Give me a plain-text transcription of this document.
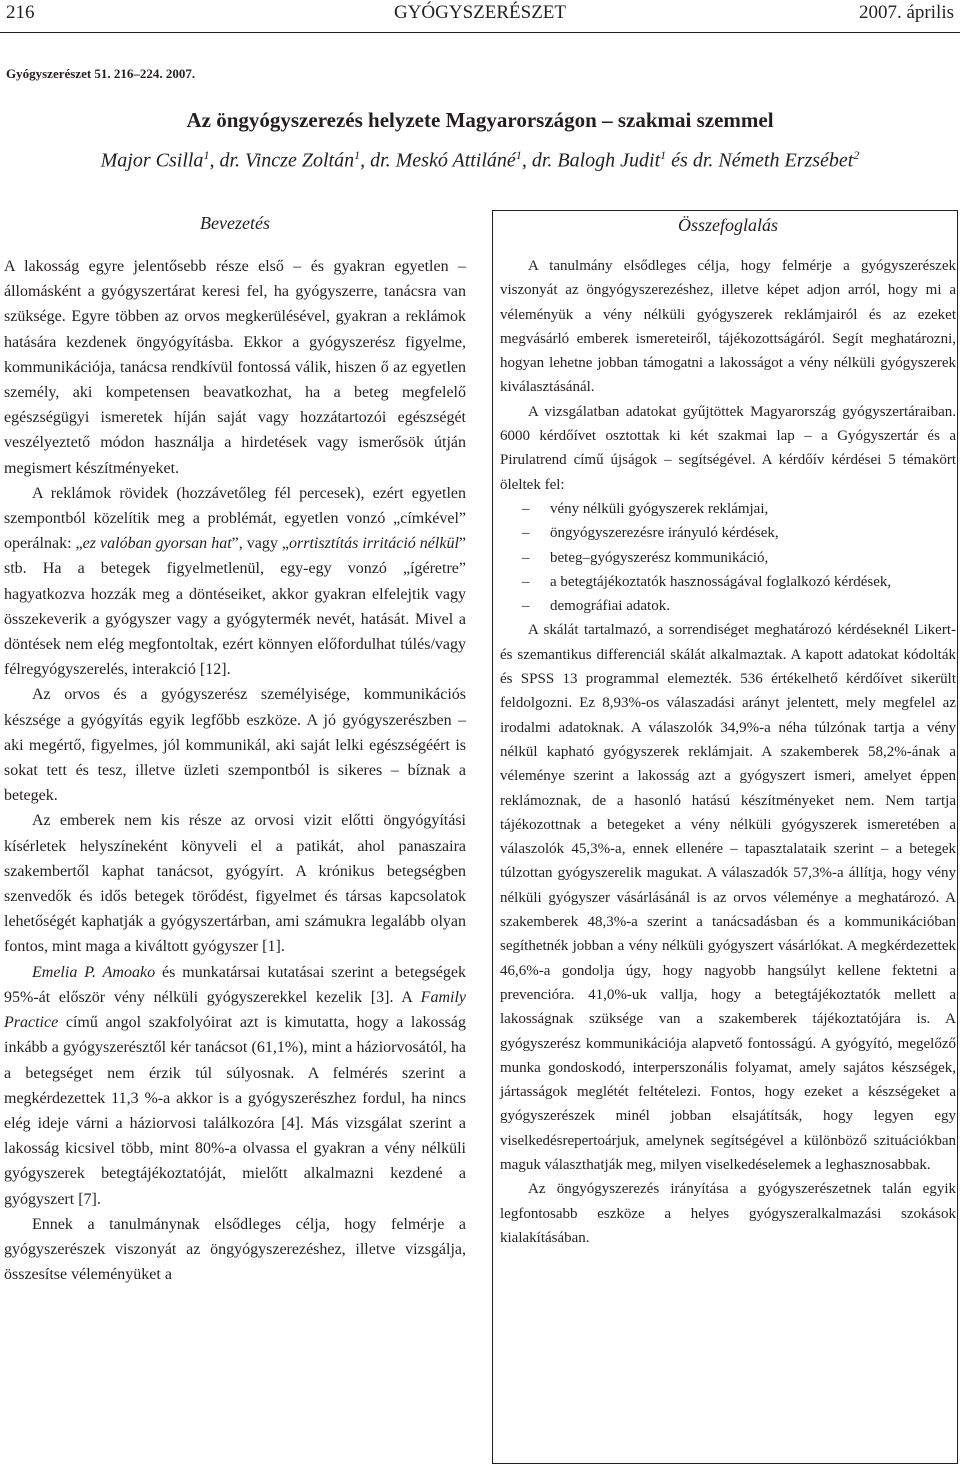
216	GYÓGYSZERÉSZET	2007. április
Gyógyszerészet 51. 216–224. 2007.
Az öngyógyszerezés helyzete Magyarországon – szakmai szemmel
Major Csilla$^1$, dr. Vincze Zoltán$^1$, dr. Meskó Attiláné$^1$, dr. Balogh Judit$^1$ és dr. Németh Erzsébet$^2$
Bevezetés

A lakosság egyre jelentősebb része első – és gyakran egyetlen – állomásként a gyógyszertárat keresi fel, ha gyógyszerre, tanácsra van szüksége. Egyre többen az orvos megkerülésével, gyakran a reklámok hatására kezdenek öngyógyításba. Ekkor a gyógyszerész figyelme, kommunikációja, tanácsa rendkívül fontossá válik, hiszen ő az egyetlen személy, aki kompetensen beavatkozhat, ha a beteg megfelelő egészségügyi ismeretek híján saját vagy hozzátartozói egészségét veszélyeztető módon használja a hirdetések vagy ismerősök útján megismert készítményeket.

A reklámok rövidek (hozzávetőleg fél percesek), ezért egyetlen szempontból közelítik meg a problémát, egyetlen vonzó „címkével” operálnak: „ez valóban gyorsan hat”, vagy „orrtisztítás irritáció nélkül” stb. Ha a betegek figyelmetlenül, egy-egy vonzó „ígéretre” hagyatkozva hozzák meg a döntéseiket, akkor gyakran elfelejtik vagy összekeverik a gyógyszer vagy a gyógytermék nevét, hatását. Mivel a döntések nem elég megfontoltak, ezért könnyen előfordulhat túlés/vagy félregyógyszerelés, interakció [12].

Az orvos és a gyógyszerész személyisége, kommunikációs készsége a gyógyítás egyik legfőbb eszköze. A jó gyógyszerészben – aki megértő, figyelmes, jól kommunikál, aki saját lelki egészségéért is sokat tett és tesz, illetve üzleti szempontból is sikeres – bíznak a betegek.

Az emberek nem kis része az orvosi vizit előtti öngyógyítási kísérletek helyszíneként könyveli el a patikát, ahol panaszaira szakembertől kaphat tanácsot, gyógyírt. A krónikus betegségben szenvedők és idős betegek törődést, figyelmet és társas kapcsolatok lehetőségét kaphatják a gyógyszertárban, ami számukra legalább olyan fontos, mint maga a kiváltott gyógyszer [1].

Emelia P. Amoako és munkatársai kutatásai szerint a betegségek 95%-át először vény nélküli gyógyszerekkel kezelik [3]. A Family Practice című angol szakfolyóirat azt is kimutatta, hogy a lakosság inkább a gyógyszerésztől kér tanácsot (61,1%), mint a háziorvosától, ha a betegséget nem érzik túl súlyosnak. A felmérés szerint a megkérdezettek 11,3 %-a akkor is a gyógyszerészhez fordul, ha nincs elég ideje várni a háziorvosi találkozóra [4]. Más vizsgálat szerint a lakosság kicsivel több, mint 80%-a olvassa el gyakran a vény nélküli gyógyszerek betegtájékoztatóját, mielőtt alkalmazni kezdené a gyógyszert [7].

Ennek a tanulmánynak elsődleges célja, hogy felmérje a gyógyszerészek viszonyát az öngyógyszerezéshez, illetve vizsgálja, összesítse véleményüket a

Összefoglalás

A tanulmány elsődleges célja, hogy felmérje a gyógyszerészek viszonyát az öngyógyszerezéshez, illetve képet adjon arról, hogy mi a véleményük a vény nélküli gyógyszerek reklámjairól és az ezeket megvásárló emberek ismereteiről, tájékozottságáról. Segít meghatározni, hogyan lehetne jobban támogatni a lakosságot a vény nélküli gyógyszerek kiválasztásánál.

A vizsgálatban adatokat gyűjtöttek Magyarország gyógyszertáraiban. 6000 kérdőívet osztottak ki két szakmai lap – a Gyógyszertár és a Pirulatrend című újságok – segítségével. A kérdőív kérdései 5 témakört öleltek fel:

– vény nélküli gyógyszerek reklámjai,
– öngyógyszerezésre irányuló kérdések,
– beteg–gyógyszerész kommunikáció,
– a betegtájékoztatók hasznosságával foglalkozó kérdések,
– demográfiai adatok.

A skálát tartalmazó, a sorrendiséget meghatározó kérdéseknél Likert- és szemantikus differenciál skálát alkalmaztak. A kapott adatokat kódolták és SPSS 13 programmal elemezték. 536 értékelhető kérdőívet sikerült feldolgozni. Ez 8,93%-os válaszadási arányt jelentett, mely megfelel az irodalmi adatoknak. A válaszolók 34,9%-a néha túlzónak tartja a vény nélkül kapható gyógyszerek reklámjait. A szakemberek 58,2%-ának a véleménye szerint a lakosság azt a gyógyszert ismeri, amelyet éppen reklámoznak, de a hasonló hatású készítményeket nem. Nem tartja tájékozottnak a betegeket a vény nélküli gyógyszerek ismeretében a válaszolók 45,3%-a, ennek ellenére – tapasztalataik szerint – a betegek túlzottan gyógyszerelik magukat. A válaszadók 57,3%-a állítja, hogy vény nélküli gyógyszer vásárlásánál is az orvos véleménye a meghatározó. A szakemberek 48,3%-a szerint a tanácsadásban és a kommunikációban segíthetnék jobban a vény nélküli gyógyszert vásárlókat. A megkérdezettek 46,6%-a gondolja úgy, hogy nagyobb hangsúlyt kellene fektetni a prevencióra. 41,0%-uk vallja, hogy a betegtájékoztatók mellett a lakosságnak szüksége van a szakemberek tájékoztatójára is. A gyógyszerész kommunikációja alapvető fontosságú. A gyógyító, megelőző munka gondoskodó, interperszonális folyamat, amely sajátos készségek, jártasságok meglétét feltételezi. Fontos, hogy ezeket a készségeket a gyógyszerészek minél jobban elsajátítsák, hogy legyen egy viselkedésrepertoárjuk, amelynek segítségével a különböző szituációkban maguk választhatják meg, milyen viselkedéselemek a leghasznosabbak.

Az öngyógyszerezés irányítása a gyógyszerészetnek talán egyik legfontosabb eszköze a helyes gyógyszeralkalmazási szokások kialakításában.
